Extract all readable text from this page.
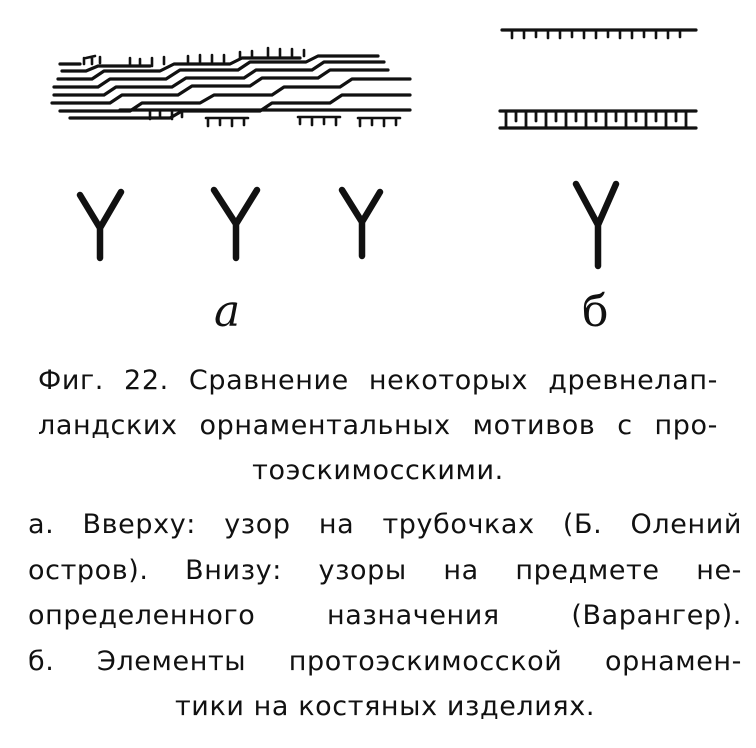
а	б
Фиг. 22. Сравнение некоторых древнелап-
ландских орнаментальных мотивов с про-
тоэскимосскими.
а. Вверху: узор на трубочках (Б. Олений
остров). Внизу: узоры на предмете не-
определенного назначения (Варангер).
б. Элементы протоэскимосской орнамен-
тики на костяных изделиях.
